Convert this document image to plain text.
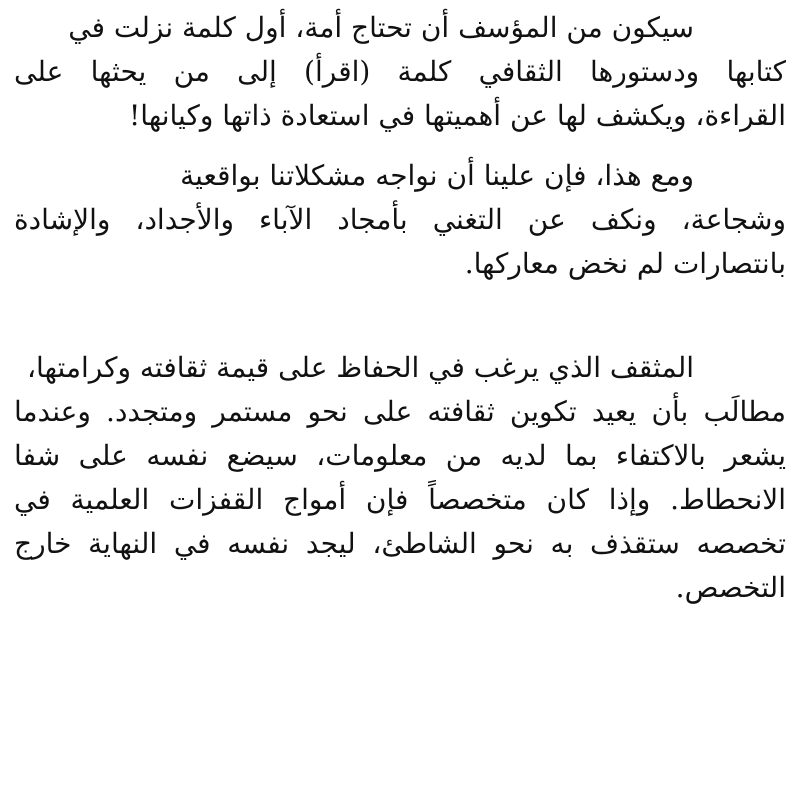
سيكون من المؤسف أن تحتاج أمة، أول كلمة نزلت في
كتابها ودستورها الثقافي كلمة (اقرأ) إلى من يحثها على
القراءة، ويكشف لها عن أهميتها في استعادة ذاتها وكيانها!
ومع هذا، فإن علينا أن نواجه مشكلاتنا بواقعية
وشجاعة، ونكف عن التغني بأمجاد الآباء والأجداد، والإشادة
بانتصارات لم نخض معاركها.
المثقف الذي يرغب في الحفاظ على قيمة ثقافته وكرامتها،
مطالَب بأن يعيد تكوين ثقافته على نحو مستمر ومتجدد. وعندما
يشعر بالاكتفاء بما لديه من معلومات، سيضع نفسه على شفا
الانحطاط. وإذا كان متخصصاً فإن أمواج القفزات العلمية في
تخصصه ستقذف به نحو الشاطئ، ليجد نفسه في النهاية خارج
التخصص.
